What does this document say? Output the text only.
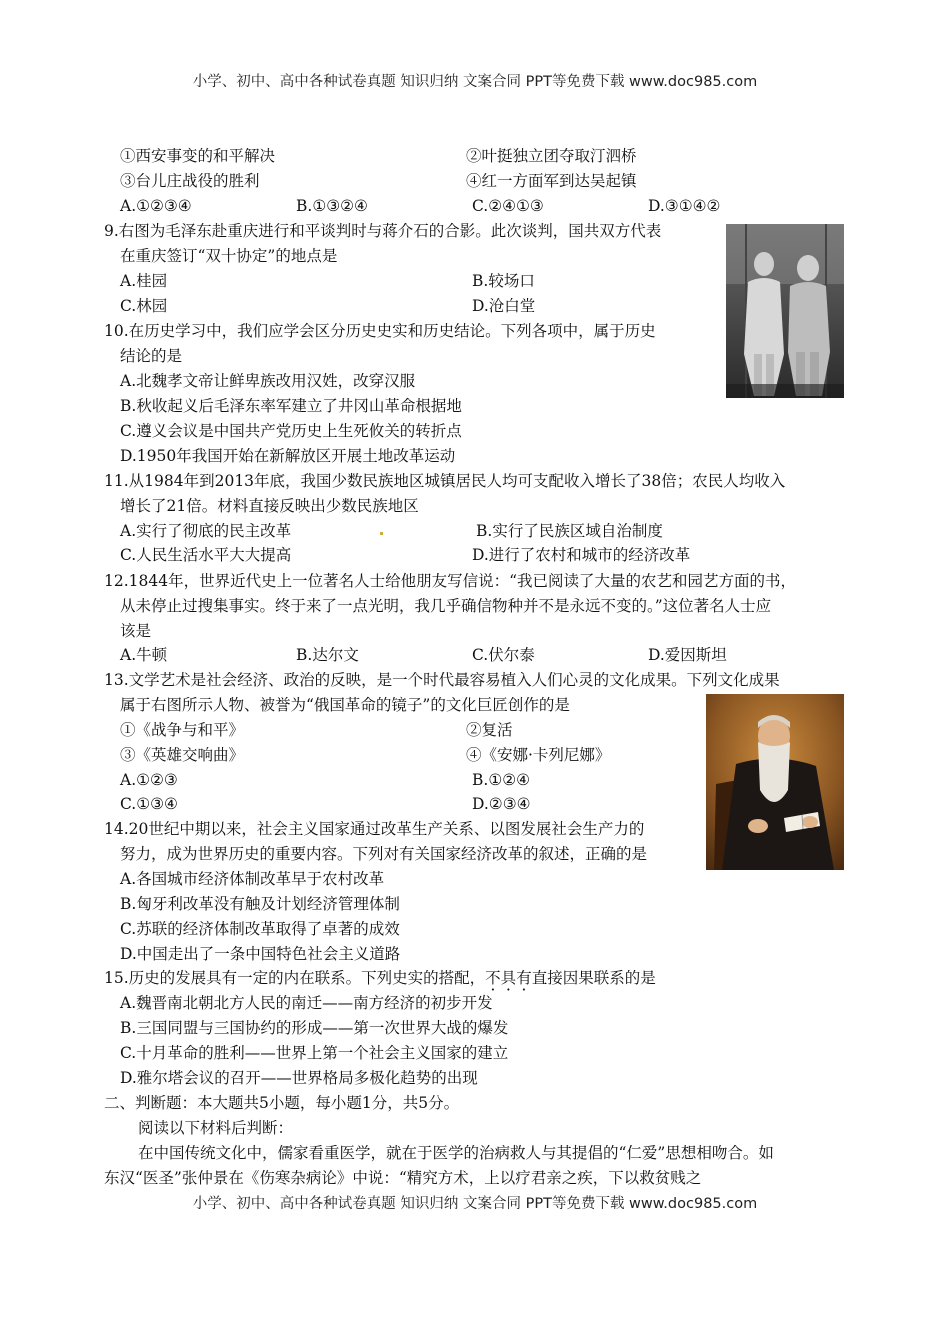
小学、初中、高中各种试卷真题 知识归纳 文案合同 PPT等免费下载 www.doc985.com
①西安事变的和平解决	②叶挺独立团夺取汀泗桥
③台儿庄战役的胜利	④红一方面军到达吴起镇
A.①②③④	B.①③②④	C.②④①③	D.③①④②
9.右图为毛泽东赴重庆进行和平谈判时与蒋介石的合影。此次谈判，国共双方代表
在重庆签订“双十协定”的地点是
A.桂园	B.较场口
C.林园	D.沧白堂
10.在历史学习中，我们应学会区分历史史实和历史结论。下列各项中，属于历史
结论的是
A.北魏孝文帝让鲜卑族改用汉姓，改穿汉服
B.秋收起义后毛泽东率军建立了井冈山革命根据地
C.遵义会议是中国共产党历史上生死攸关的转折点
D.1950年我国开始在新解放区开展土地改革运动
11.从1984年到2013年底，我国少数民族地区城镇居民人均可支配收入增长了38倍；农民人均收入
增长了21倍。材料直接反映出少数民族地区
A.实行了彻底的民主改革	B.实行了民族区域自治制度
C.人民生活水平大大提高	D.进行了农村和城市的经济改革
12.1844年，世界近代史上一位著名人士给他朋友写信说：“我已阅读了大量的农艺和园艺方面的书，
从未停止过搜集事实。终于来了一点光明，我几乎确信物种并不是永远不变的。”这位著名人士应
该是
A.牛顿	B.达尔文	C.伏尔泰	D.爱因斯坦
13.文学艺术是社会经济、政治的反映，是一个时代最容易植入人们心灵的文化成果。下列文化成果
属于右图所示人物、被誉为“俄国革命的镜子”的文化巨匠创作的是
①《战争与和平》	②复活
③《英雄交响曲》	④《安娜·卡列尼娜》
A.①②③	B.①②④
C.①③④	D.②③④
14.20世纪中期以来，社会主义国家通过改革生产关系、以图发展社会生产力的
努力，成为世界历史的重要内容。下列对有关国家经济改革的叙述，正确的是
A.各国城市经济体制改革早于农村改革
B.匈牙利改革没有触及计划经济管理体制
C.苏联的经济体制改革取得了卓著的成效
D.中国走出了一条中国特色社会主义道路
15.历史的发展具有一定的内在联系。下列史实的搭配，不具有直接因果联系的是
A.魏晋南北朝北方人民的南迁——南方经济的初步开发
B.三国同盟与三国协约的形成——第一次世界大战的爆发
C.十月革命的胜利——世界上第一个社会主义国家的建立
D.雅尔塔会议的召开——世界格局多极化趋势的出现
二、判断题：本大题共5小题，每小题1分，共5分。
阅读以下材料后判断：
在中国传统文化中，儒家看重医学，就在于医学的治病救人与其提倡的“仁爱”思想相吻合。如
东汉“医圣”张仲景在《伤寒杂病论》中说：“精究方术，上以疗君亲之疾，下以救贫贱之
小学、初中、高中各种试卷真题 知识归纳 文案合同 PPT等免费下载 www.doc985.com
